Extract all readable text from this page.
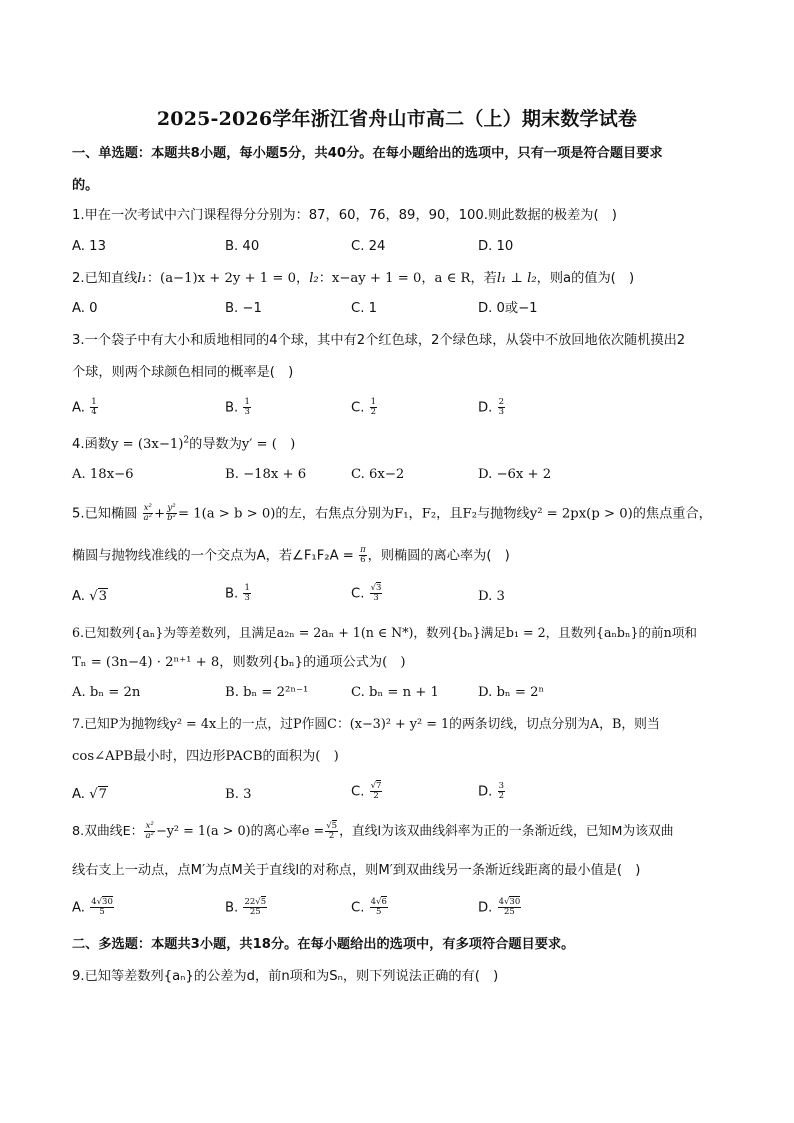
2025-2026学年浙江省舟山市高二（上）期末数学试卷
一、单选题：本题共8小题，每小题5分，共40分。在每小题给出的选项中，只有一项是符合题目要求
的。
1.甲在一次考试中六门课程得分分别为：87，60，76，89，90，100.则此数据的极差为(　)
A. 13	B. 40	C. 24	D. 10
2.已知直线l₁：(a−1)x + 2y + 1 = 0，l₂：x−ay + 1 = 0，a ∈ R，若l₁ ⊥ l₂，则a的值为(　)
A. 0	B. −1	C. 1	D. 0或−1
3.一个袋子中有大小和质地相同的4个球，其中有2个红色球，2个绿色球，从袋中不放回地依次随机摸出2
个球，则两个球颜色相同的概率是(　)
A. $\frac{1}{4}$	B. $\frac{1}{3}$	C. $\frac{1}{2}$	D. $\frac{2}{3}$
4.函数$y = (3x-1)^2$的导数为y′ = (　)
A. 18x−6	B. −18x + 6	C. 6x−2	D. −6x + 2
5.已知椭圆 $\frac{\text{x²}}{\text{a²}} + \frac{\text{y²}}{\text{b²}} = 1(a > b > 0)$的左，右焦点分别为F₁，F₂，且F₂与抛物线y² = 2px(p > 0)的焦点重合，
椭圆与抛物线准线的一个交点为A，若∠F₁F₂A = $\frac{\pi}{6}$ ，则椭圆的离心率为(　)
A. √3	B. $\frac{1}{3}$	C. $\frac{√3}{3}$	D. 3
6.已知数列{aₙ}为等差数列，且满足a₂ₙ = 2aₙ + 1(n ∈ N*)，数列{bₙ}满足b₁ = 2，且数列{aₙbₙ}的前n项和
Tₙ = (3n−4) · 2ⁿ⁺¹ + 8，则数列{bₙ}的通项公式为(　)
A. bₙ = 2n	B. bₙ = 2²ⁿ⁻¹	C. bₙ = n + 1	D. bₙ = 2ⁿ
7.已知P为抛物线y² = 4x上的一点，过P作圆C：(x−3)² + y² = 1的两条切线，切点分别为A，B，则当
cos∠APB最小时，四边形PACB的面积为(　)
A. √7	B. 3	C. $\frac{√7}{2}$	D. $\frac{3}{2}$
8.双曲线E： $\frac{\text{x²}}{\text{a²}} -y^2 = 1(a > 0)$的离心率$e = \frac{√5}{2}$ ，直线l为该双曲线斜率为正的一条渐近线，已知M为该双曲
线右支上一动点，点M′为点M关于直线l的对称点，则M′到双曲线另一条渐近线距离的最小值是(　)
A. $\frac{4√30}{5}$	B. $\frac{22√5}{25}$	C. $\frac{4√6}{5}$	D. $\frac{4√30}{25}$
二、多选题：本题共3小题，共18分。在每小题给出的选项中，有多项符合题目要求。
9.已知等差数列{aₙ}的公差为d，前n项和为Sₙ，则下列说法正确的有(　)
